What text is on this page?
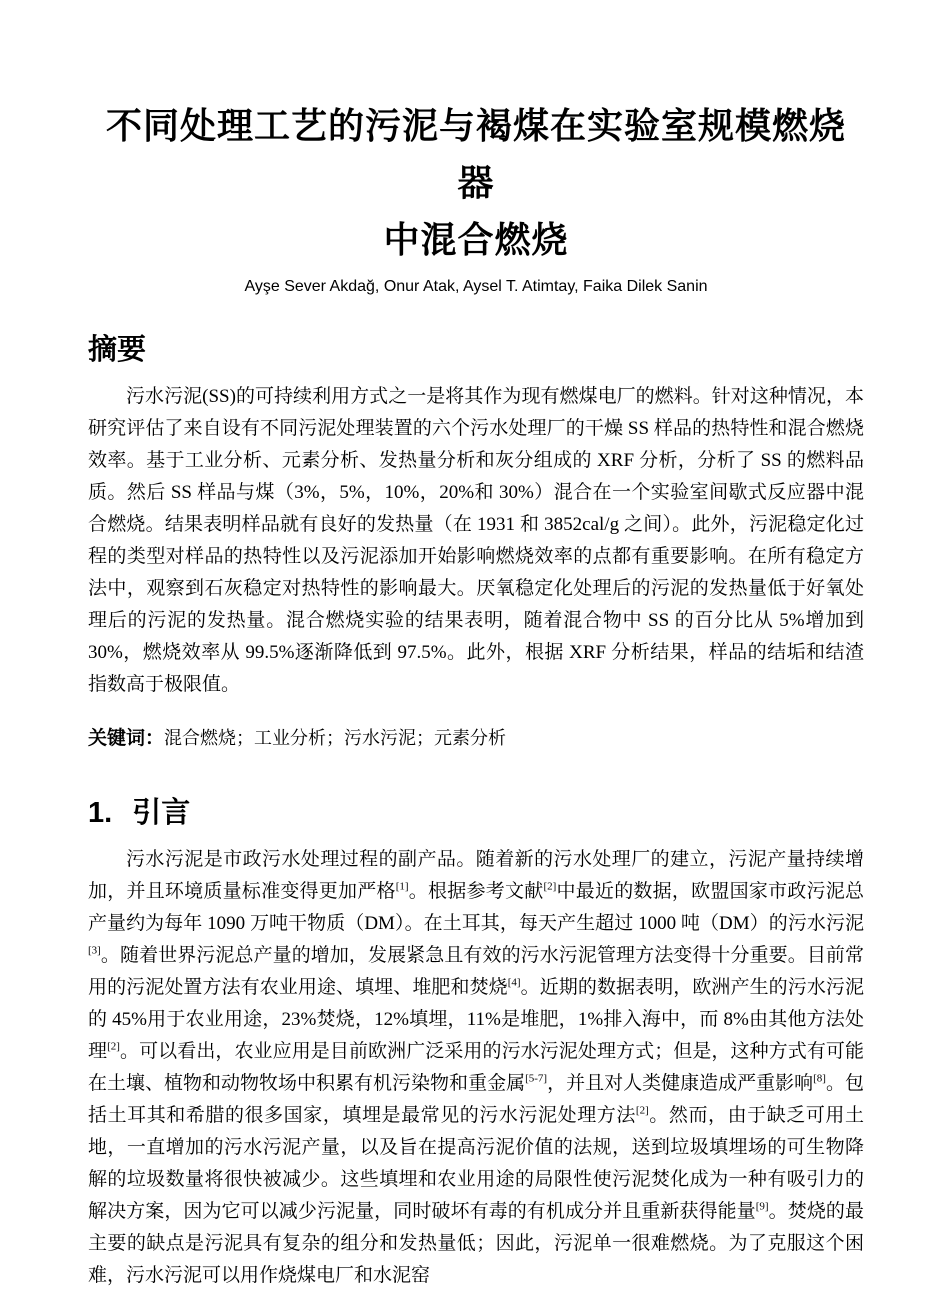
不同处理工艺的污泥与褐煤在实验室规模燃烧器
中混合燃烧
Ayşe Sever Akdağ, Onur Atak, Aysel T. Atimtay, Faika Dilek Sanin
摘要

污水污泥(SS)的可持续利用方式之一是将其作为现有燃煤电厂的燃料。针对这种情况，本研究评估了来自设有不同污泥处理装置的六个污水处理厂的干燥 SS 样品的热特性和混合燃烧效率。基于工业分析、元素分析、发热量分析和灰分组成的 XRF 分析，分析了 SS 的燃料品质。然后 SS 样品与煤（3%，5%，10%，20%和 30%）混合在一个实验室间歇式反应器中混合燃烧。结果表明样品就有良好的发热量（在 1931 和 3852cal/g 之间）。此外，污泥稳定化过程的类型对样品的热特性以及污泥添加开始影响燃烧效率的点都有重要影响。在所有稳定方法中，观察到石灰稳定对热特性的影响最大。厌氧稳定化处理后的污泥的发热量低于好氧处理后的污泥的发热量。混合燃烧实验的结果表明，随着混合物中 SS 的百分比从 5%增加到 30%，燃烧效率从 99.5%逐渐降低到 97.5%。此外，根据 XRF 分析结果，样品的结垢和结渣指数高于极限值。

关键词：混合燃烧；工业分析；污水污泥；元素分析

1. 引言

污水污泥是市政污水处理过程的副产品。随着新的污水处理厂的建立，污泥产量持续增加，并且环境质量标准变得更加严格[1]。根据参考文献[2]中最近的数据，欧盟国家市政污泥总产量约为每年 1090 万吨干物质（DM）。在土耳其，每天产生超过 1000 吨（DM）的污水污泥[3]。随着世界污泥总产量的增加，发展紧急且有效的污水污泥管理方法变得十分重要。目前常用的污泥处置方法有农业用途、填埋、堆肥和焚烧[4]。近期的数据表明，欧洲产生的污水污泥的 45%用于农业用途，23%焚烧，12%填埋，11%是堆肥，1%排入海中，而 8%由其他方法处理[2]。可以看出，农业应用是目前欧洲广泛采用的污水污泥处理方式；但是，这种方式有可能在土壤、植物和动物牧场中积累有机污染物和重金属[5-7]，并且对人类健康造成严重影响[8]。包括土耳其和希腊的很多国家，填埋是最常见的污水污泥处理方法[2]。然而，由于缺乏可用土地，一直增加的污水污泥产量，以及旨在提高污泥价值的法规，送到垃圾填埋场的可生物降解的垃圾数量将很快被减少。这些填埋和农业用途的局限性使污泥焚化成为一种有吸引力的解决方案，因为它可以减少污泥量，同时破坏有毒的有机成分并且重新获得能量[9]。焚烧的最主要的缺点是污泥具有复杂的组分和发热量低；因此，污泥单一很难燃烧。为了克服这个困难，污水污泥可以用作烧煤电厂和水泥窑
